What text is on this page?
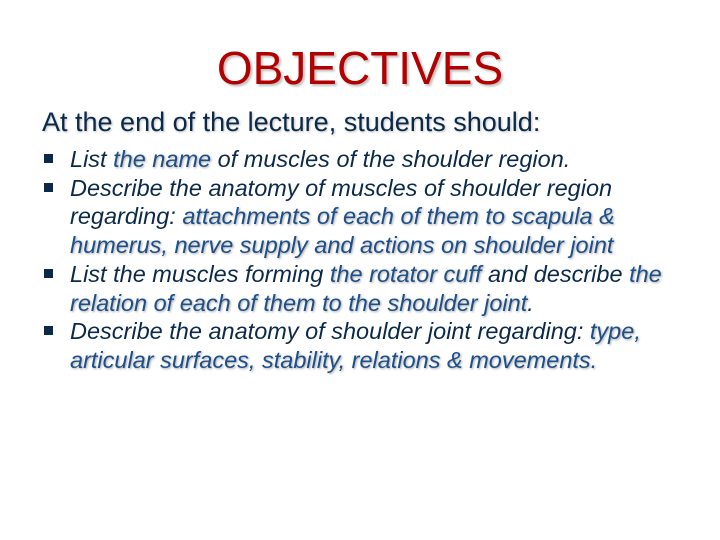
OBJECTIVES
At the end of the lecture, students should:
List the name of muscles of the shoulder region.
Describe the anatomy of muscles of shoulder region regarding: attachments of each of them to scapula & humerus, nerve supply and actions on shoulder joint
List the muscles forming the rotator cuff and describe the relation of each of them to the shoulder joint.
Describe the anatomy of shoulder joint regarding: type, articular surfaces, stability, relations & movements.
